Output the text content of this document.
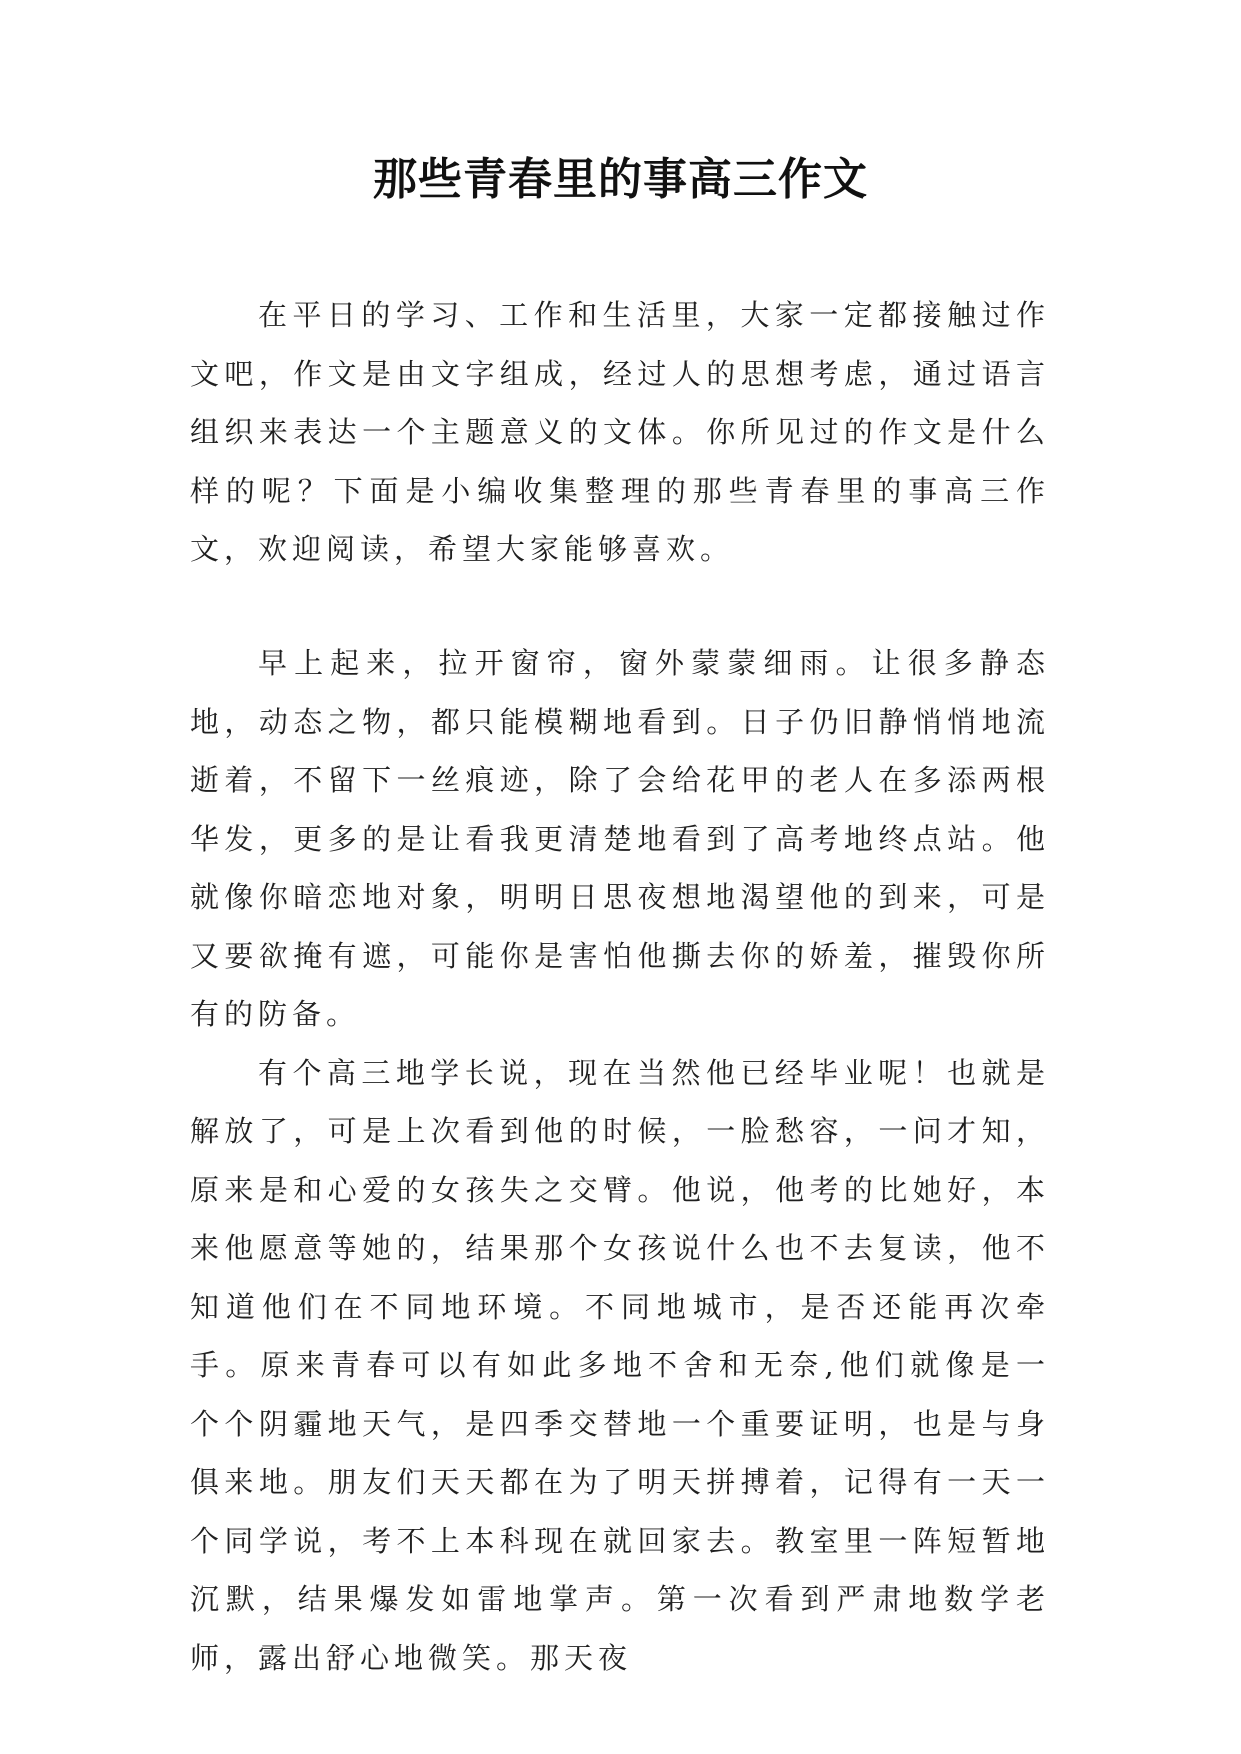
那些青春里的事高三作文

在平日的学习、工作和生活里，大家一定都接触过作文吧，作文是由文字组成，经过人的思想考虑，通过语言组织来表达一个主题意义的文体。你所见过的作文是什么样的呢？下面是小编收集整理的那些青春里的事高三作文，欢迎阅读，希望大家能够喜欢。

早上起来，拉开窗帘，窗外蒙蒙细雨。让很多静态地，动态之物，都只能模糊地看到。日子仍旧静悄悄地流逝着，不留下一丝痕迹，除了会给花甲的老人在多添两根华发，更多的是让看我更清楚地看到了高考地终点站。他就像你暗恋地对象，明明日思夜想地渴望他的到来，可是又要欲掩有遮，可能你是害怕他撕去你的娇羞，摧毁你所有的防备。

有个高三地学长说，现在当然他已经毕业呢！也就是解放了，可是上次看到他的时候，一脸愁容，一问才知，原来是和心爱的女孩失之交臂。他说，他考的比她好，本来他愿意等她的，结果那个女孩说什么也不去复读，他不知道他们在不同地环境。不同地城市，是否还能再次牵手。原来青春可以有如此多地不舍和无奈,他们就像是一个个阴霾地天气，是四季交替地一个重要证明，也是与身俱来地。朋友们天天都在为了明天拼搏着，记得有一天一个同学说，考不上本科现在就回家去。教室里一阵短暂地沉默，结果爆发如雷地掌声。第一次看到严肃地数学老师，露出舒心地微笑。那天夜
